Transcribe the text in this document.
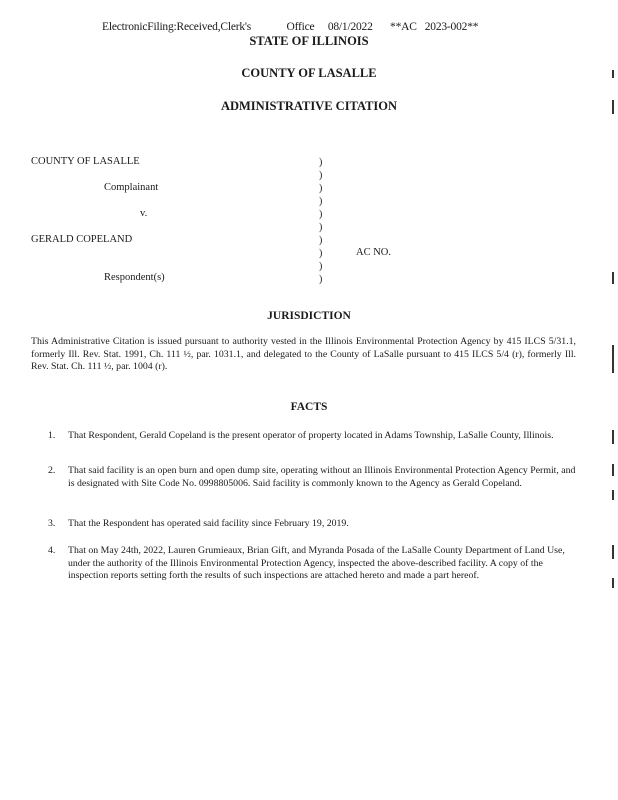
ElectronicFiling:Received,Clerk's	Office 08/1/2022 **AC   2023-002**
STATE OF ILLINOIS
COUNTY OF LASALLE
ADMINISTRATIVE CITATION
COUNTY OF LASALLE
Complainant
v.
GERALD COPELAND
AC NO.
Respondent(s)
)
)
)
)
)
)
)
)
)
)
JURISDICTION
This Administrative Citation is issued pursuant to authority vested in the Illinois Environmental Protection Agency by 415 ILCS 5/31.1, formerly Ill. Rev. Stat. 1991, Ch. 111 ½, par. 1031.1, and delegated to the County of LaSalle pursuant to 415 ILCS 5/4 (r), formerly Ill. Rev. Stat. Ch. 111 ½, par. 1004 (r).
FACTS
1.	That Respondent, Gerald Copeland is the present operator of property located in Adams Township, LaSalle County, Illinois.
2.	That said facility is an open burn and open dump site, operating without an Illinois Environmental Protection Agency Permit, and is designated with Site Code No. 0998805006. Said facility is commonly known to the Agency as Gerald Copeland.
3.	That the Respondent has operated said facility since February 19, 2019.
4.	That on May 24th, 2022, Lauren Grumieaux, Brian Gift, and Myranda Posada of the LaSalle County Department of Land Use, under the authority of the Illinois Environmental Protection Agency, inspected the above-described facility. A copy of the inspection reports setting forth the results of such inspections are attached hereto and made a part hereof.
